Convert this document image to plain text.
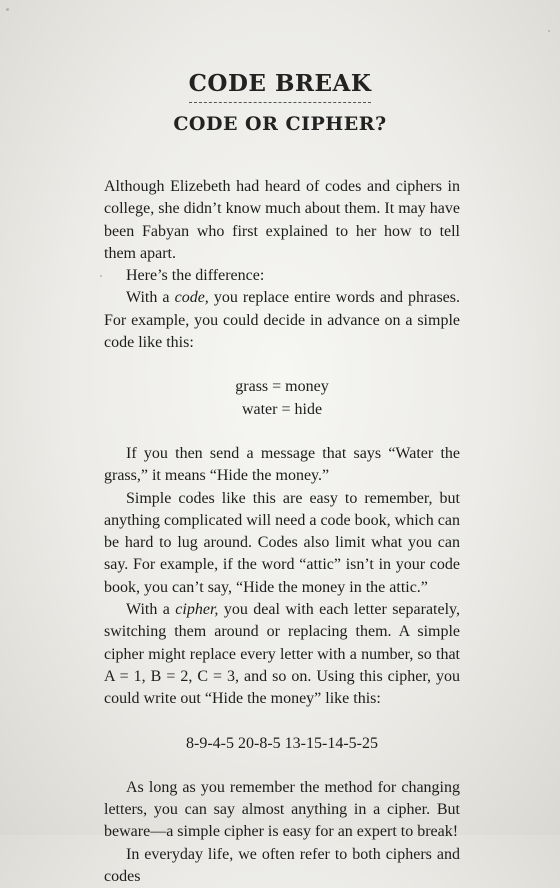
CODE BREAK
CODE OR CIPHER?

Although Elizebeth had heard of codes and ciphers in college, she didn’t know much about them. It may have been Fabyan who first explained to her how to tell them apart.

Here’s the difference:

With a code, you replace entire words and phrases. For example, you could decide in advance on a simple code like this:

grass = money

water = hide

If you then send a message that says “Water the grass,” it means “Hide the money.”

Simple codes like this are easy to remember, but anything complicated will need a code book, which can be hard to lug around. Codes also limit what you can say. For example, if the word “attic” isn’t in your code book, you can’t say, “Hide the money in the attic.”

With a cipher, you deal with each letter separately, switching them around or replacing them. A simple cipher might replace every letter with a number, so that A = 1, B = 2, C = 3, and so on. Using this cipher, you could write out “Hide the money” like this:

8-9-4-5 20-8-5 13-15-14-5-25

As long as you remember the method for changing letters, you can say almost anything in a cipher. But beware—a simple cipher is easy for an expert to break!

In everyday life, we often refer to both ciphers and codes
